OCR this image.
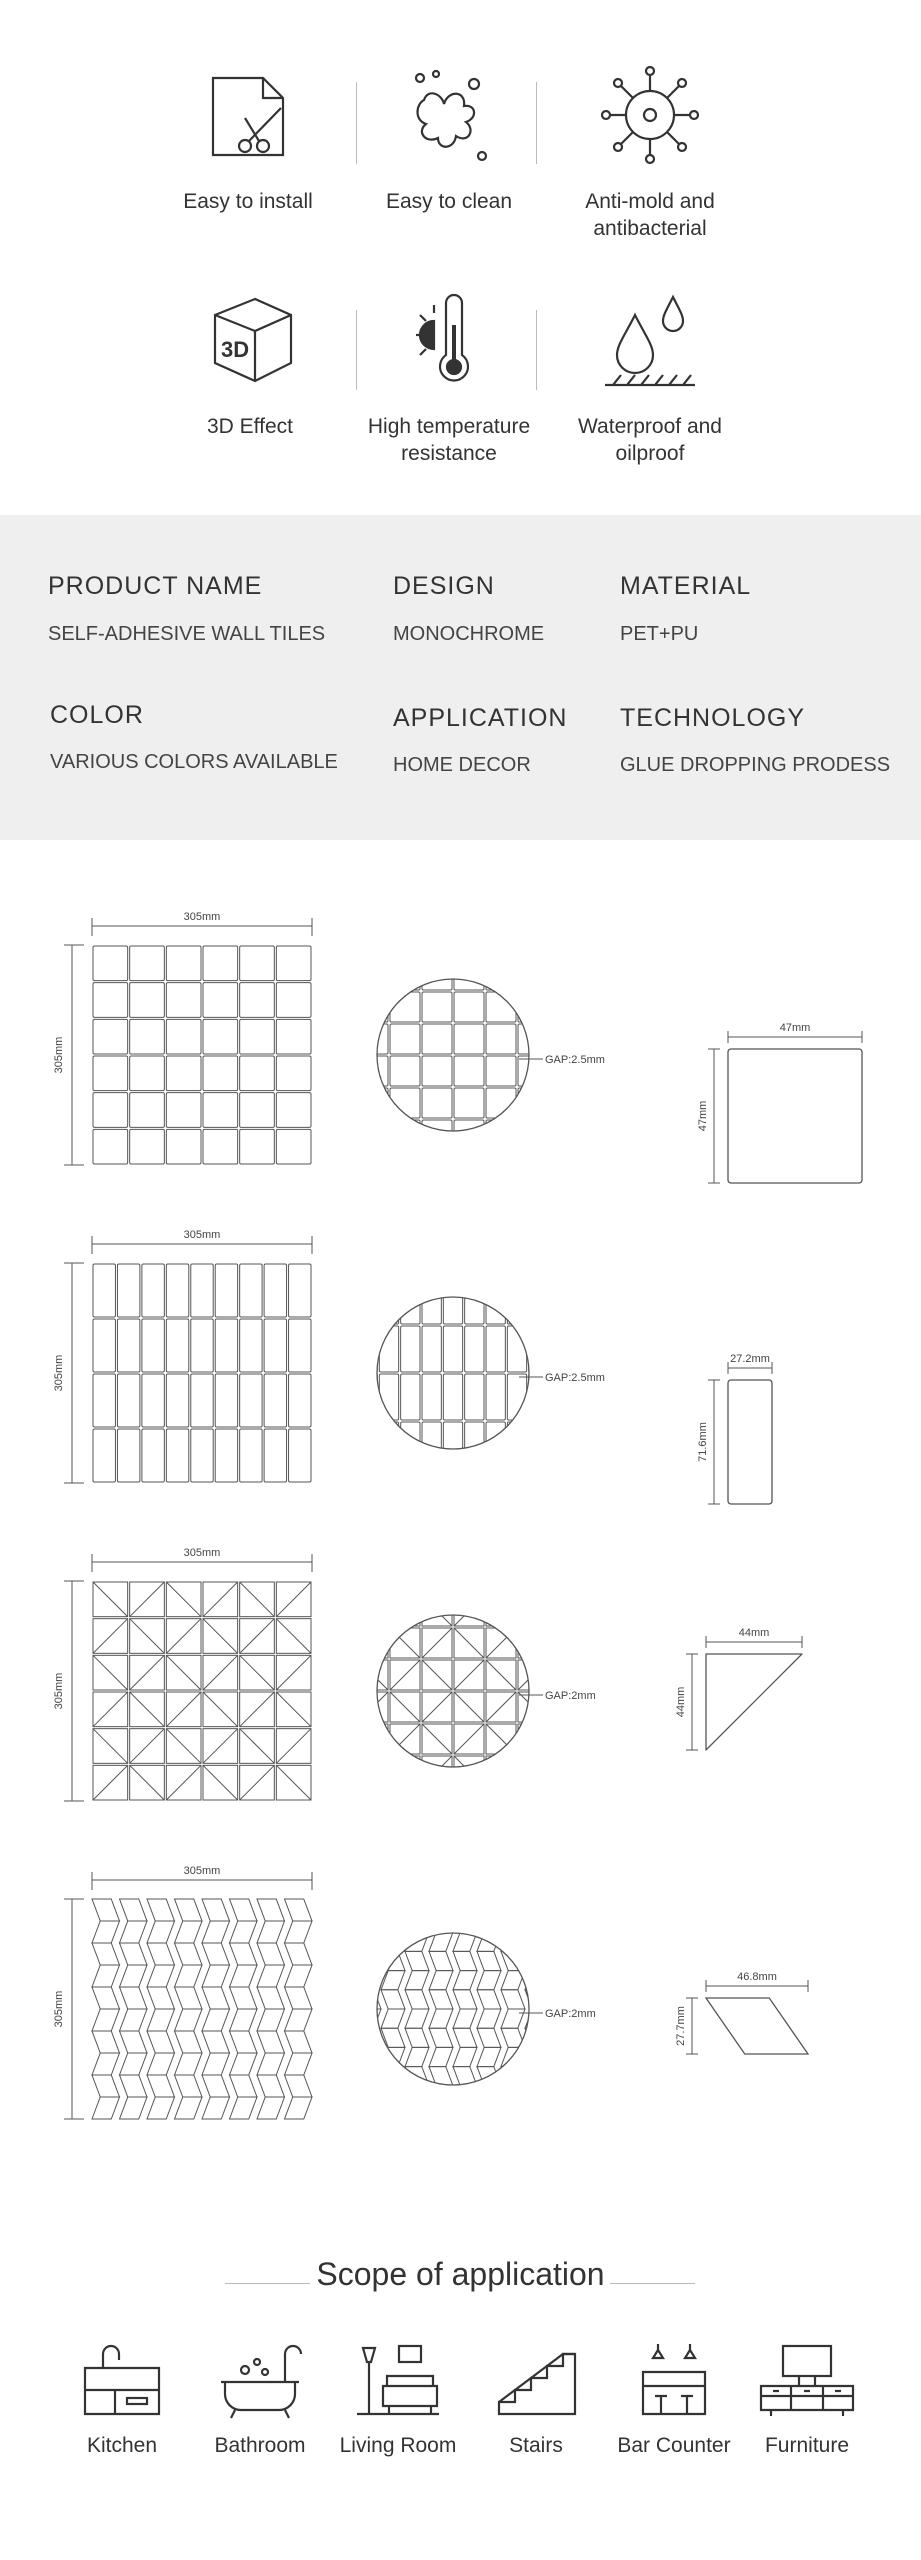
Easy to install	Easy to clean	Anti-mold and antibacterial
3D
3D Effect	High temperature resistance
Waterproof and oilproof
PRODUCT NAME
SELF-ADHESIVE WALL TILES
DESIGN
MONOCHROME
MATERIAL
PET+PU
COLOR
VARIOUS COLORS AVAILABLE
APPLICATION
HOME DECOR
TECHNOLOGY
GLUE DROPPING PRODESS
305mm
305mm	GAP:2.5mm
47mm
47mm
305mm
305mm	GAP:2.5mm
27.2mm
71.6mm
305mm
305mm	GAP:2mm
44mm
44mm
305mm
305mm	GAP:2mm
46.8mm
27.7mm
Scope of application
Kitchen	Bathroom	Living Room	Stairs	Bar Counter	Furniture
